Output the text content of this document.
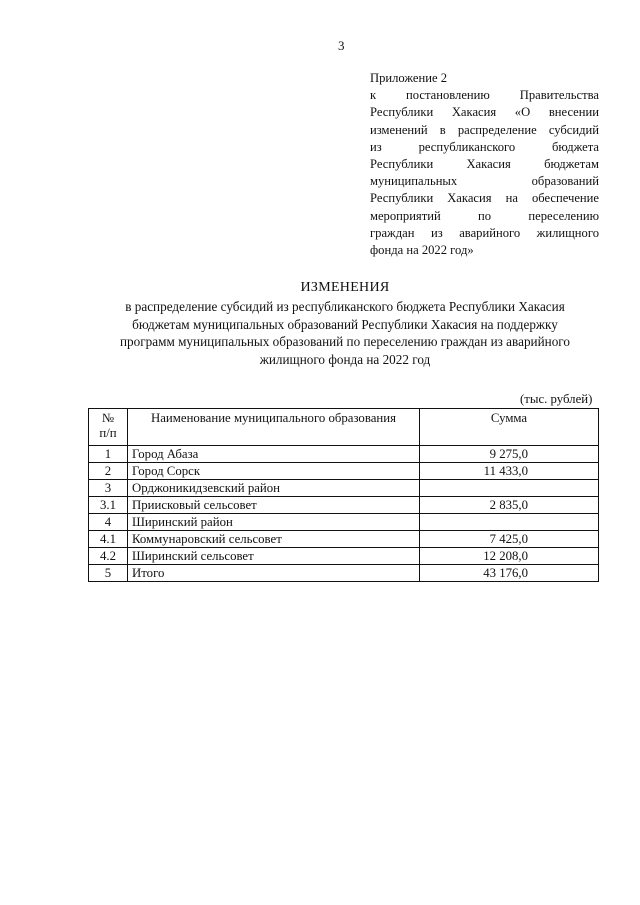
3
Приложение 2
к постановлению Правительства
Республики Хакасия «О внесении
изменений в распределение субсидий
из республиканского бюджета
Республики Хакасия бюджетам
муниципальных образований
Республики Хакасия на обеспечение
мероприятий по переселению
граждан из аварийного жилищного
фонда на 2022 год»
ИЗМЕНЕНИЯ
в распределение субсидий из республиканского бюджета Республики Хакасия
бюджетам муниципальных образований Республики Хакасия на поддержку
программ муниципальных образований по переселению граждан из аварийного
жилищного фонда на 2022 год
(тыс. рублей)
№
п/п	Наименование муниципального образования	Сумма
1	Город Абаза	9 275,0
2	Город Сорск	11 433,0
3	Орджоникидзевский район	
3.1	Приисковый сельсовет	2 835,0
4	Ширинский район	
4.1	Коммунаровский сельсовет	7 425,0
4.2	Ширинский сельсовет	12 208,0
5	Итого	43 176,0
